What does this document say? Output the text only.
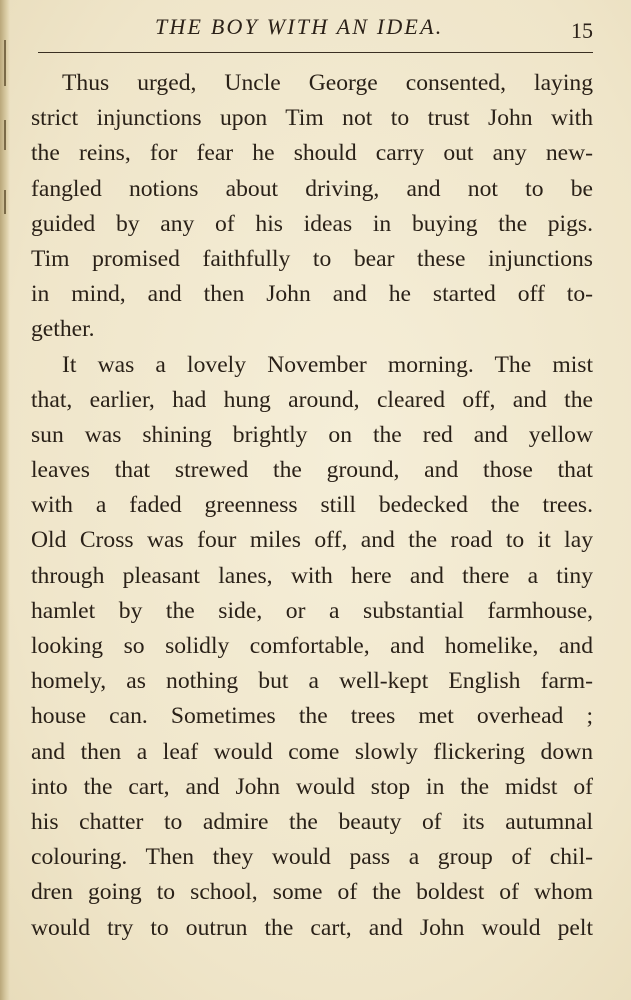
THE BOY WITH AN IDEA.	15
Thus urged, Uncle George consented, laying
strict injunctions upon Tim not to trust John with
the reins, for fear he should carry out any new-
fangled notions about driving, and not to be
guided by any of his ideas in buying the pigs.
Tim promised faithfully to bear these injunctions
in mind, and then John and he started off to-
gether.
It was a lovely November morning. The mist
that, earlier, had hung around, cleared off, and the
sun was shining brightly on the red and yellow
leaves that strewed the ground, and those that
with a faded greenness still bedecked the trees.
Old Cross was four miles off, and the road to it lay
through pleasant lanes, with here and there a tiny
hamlet by the side, or a substantial farmhouse,
looking so solidly comfortable, and homelike, and
homely, as nothing but a well-kept English farm-
house can. Sometimes the trees met overhead ;
and then a leaf would come slowly flickering down
into the cart, and John would stop in the midst of
his chatter to admire the beauty of its autumnal
colouring. Then they would pass a group of chil-
dren going to school, some of the boldest of whom
would try to outrun the cart, and John would pelt
